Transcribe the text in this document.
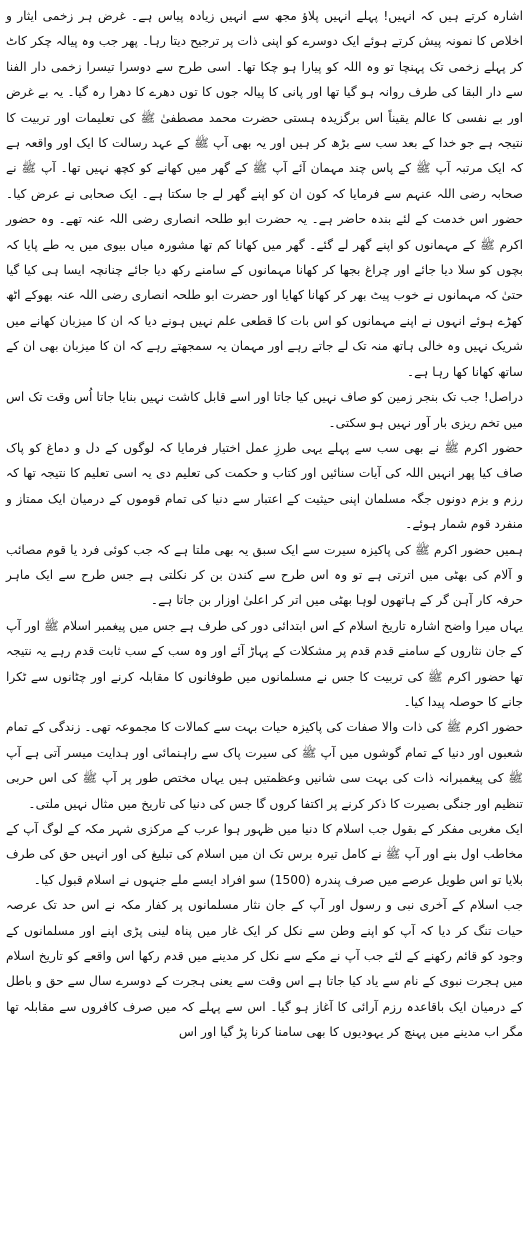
اشارہ کرتے ہیں کہ انہیں! پہلے انہیں پلاؤ مجھ سے انہیں زیادہ پیاس ہے۔ غرض ہر زخمی ایثار و اخلاص کا نمونہ پیش کرتے ہوئے ایک دوسرے کو اپنی ذات پر ترجیح دیتا رہا۔ پھر جب وہ پیالہ چکر کاٹ کر پہلے زخمی تک پہنچا تو وہ اللہ کو پیارا ہو چکا تھا۔ اسی طرح سے دوسرا تیسرا زخمی دار الفنا سے دار البقا کی طرف روانہ ہو گیا تھا اور پانی کا پیالہ جوں کا توں دھرے کا دھرا رہ گیا۔ یہ بے غرض اور بے نفسی کا عالم یقیناً اس برگزیدہ ہستی حضرت محمد مصطفیٰ ﷺ کی تعلیمات اور تربیت کا نتیجہ ہے جو خدا کے بعد سب سے بڑھ کر ہیں اور یہ بھی آپ ﷺ کے عہد رسالت کا ایک اور واقعہ ہے کہ ایک مرتبہ آپ ﷺ کے پاس چند مہمان آئے آپ ﷺ کے گھر میں کھانے کو کچھ نہیں تھا۔ آپ ﷺ نے صحابہ رضی اللہ عنہم سے فرمایا کہ کون ان کو اپنے گھر لے جا سکتا ہے۔ ایک صحابی نے عرض کیا۔ حضور اس خدمت کے لئے بندہ حاضر ہے۔ یہ حضرت ابو طلحہ انصاری رضی اللہ عنہ تھے۔ وہ حضور اکرم ﷺ کے مہمانوں کو اپنے گھر لے گئے۔ گھر میں کھانا کم تھا مشورہ میاں بیوی میں یہ طے پایا کہ بچوں کو سلا دیا جائے اور چراغ بجھا کر کھانا مہمانوں کے سامنے رکھ دیا جائے چنانچہ ایسا ہی کیا گیا حتیٰ کہ مہمانوں نے خوب پیٹ بھر کر کھانا کھایا اور حضرت ابو طلحہ انصاری رضی اللہ عنہ بھوکے اٹھ کھڑے ہوئے انہوں نے اپنے مہمانوں کو اس بات کا قطعی علم نہیں ہونے دیا کہ ان کا میزبان کھانے میں شریک نہیں وہ خالی ہاتھ منہ تک لے جاتے رہے اور مہمان یہ سمجھتے رہے کہ ان کا میزبان بھی ان کے ساتھ کھانا کھا رہا ہے۔

دراصل! جب تک بنجر زمین کو صاف نہیں کیا جاتا اور اسے قابل کاشت نہیں بنایا جاتا اُس وقت تک اس میں تخم ریزی بار آور نہیں ہو سکتی۔

حضور اکرم ﷺ نے بھی سب سے پہلے یہی طرزِ عمل اختیار فرمایا کہ لوگوں کے دل و دماغ کو پاک صاف کیا پھر انہیں اللہ کی آیات سنائیں اور کتاب و حکمت کی تعلیم دی یہ اسی تعلیم کا نتیجہ تھا کہ رزم و بزم دونوں جگہ مسلمان اپنی حیثیت کے اعتبار سے دنیا کی تمام قوموں کے درمیان ایک ممتاز و منفرد قوم شمار ہوئے۔

ہمیں حضور اکرم ﷺ کی پاکیزہ سیرت سے ایک سبق یہ بھی ملتا ہے کہ جب کوئی فرد یا قوم مصائب و آلام کی بھٹی میں اترتی ہے تو وہ اس طرح سے کندن بن کر نکلتی ہے جس طرح سے ایک ماہر حرفہ کار آہن گر کے ہاتھوں لوہا بھٹی میں اتر کر اعلیٰ اوزار بن جاتا ہے۔

یہاں میرا واضح اشارہ تاریخ اسلام کے اس ابتدائی دور کی طرف ہے جس میں پیغمبر اسلام ﷺ اور آپ کے جان نثاروں کے سامنے قدم قدم پر مشکلات کے پہاڑ آئے اور وہ سب کے سب ثابت قدم رہے یہ نتیجہ تھا حضور اکرم ﷺ کی تربیت کا جس نے مسلمانوں میں طوفانوں کا مقابلہ کرنے اور چٹانوں سے ٹکرا جانے کا حوصلہ پیدا کیا۔

حضور اکرم ﷺ کی ذات والا صفات کی پاکیزہ حیات بہت سے کمالات کا مجموعہ تھی۔ زندگی کے تمام شعبوں اور دنیا کے تمام گوشوں میں آپ ﷺ کی سیرت پاک سے راہنمائی اور ہدایت میسر آتی ہے آپ ﷺ کی پیغمبرانہ ذات کی بہت سی شانیں وعظمتیں ہیں یہاں مختص طور پر آپ ﷺ کی اس حربی تنظیم اور جنگی بصیرت کا ذکر کرنے پر اکتفا کروں گا جس کی دنیا کی تاریخ میں مثال نہیں ملتی۔

ایک مغربی مفکر کے بقول جب اسلام کا دنیا میں ظہور ہوا عرب کے مرکزی شہر مکہ کے لوگ آپ کے مخاطب اول بنے اور آپ ﷺ نے کامل تیرہ برس تک ان میں اسلام کی تبلیغ کی اور انہیں حق کی طرف بلایا تو اس طویل عرصے میں صرف پندرہ (1500) سو افراد ایسے ملے جنہوں نے اسلام قبول کیا۔

جب اسلام کے آخری نبی و رسول اور آپ کے جان نثار مسلمانوں پر کفار مکہ نے اس حد تک عرصہ حیات تنگ کر دیا کہ آپ کو اپنے وطن سے نکل کر ایک غار میں پناہ لینی پڑی اپنے اور مسلمانوں کے وجود کو قائم رکھنے کے لئے جب آپ نے مکے سے نکل کر مدینے میں قدم رکھا اس واقعے کو تاریخ اسلام میں ہجرت نبوی کے نام سے یاد کیا جاتا ہے اس وقت سے یعنی ہجرت کے دوسرے سال سے حق و باطل کے درمیان ایک باقاعدہ رزم آرائی کا آغاز ہو گیا۔ اس سے پہلے کہ میں صرف کافروں سے مقابلہ تھا مگر اب مدینے میں پہنچ کر یہودیوں کا بھی سامنا کرنا پڑ گیا اور اس
